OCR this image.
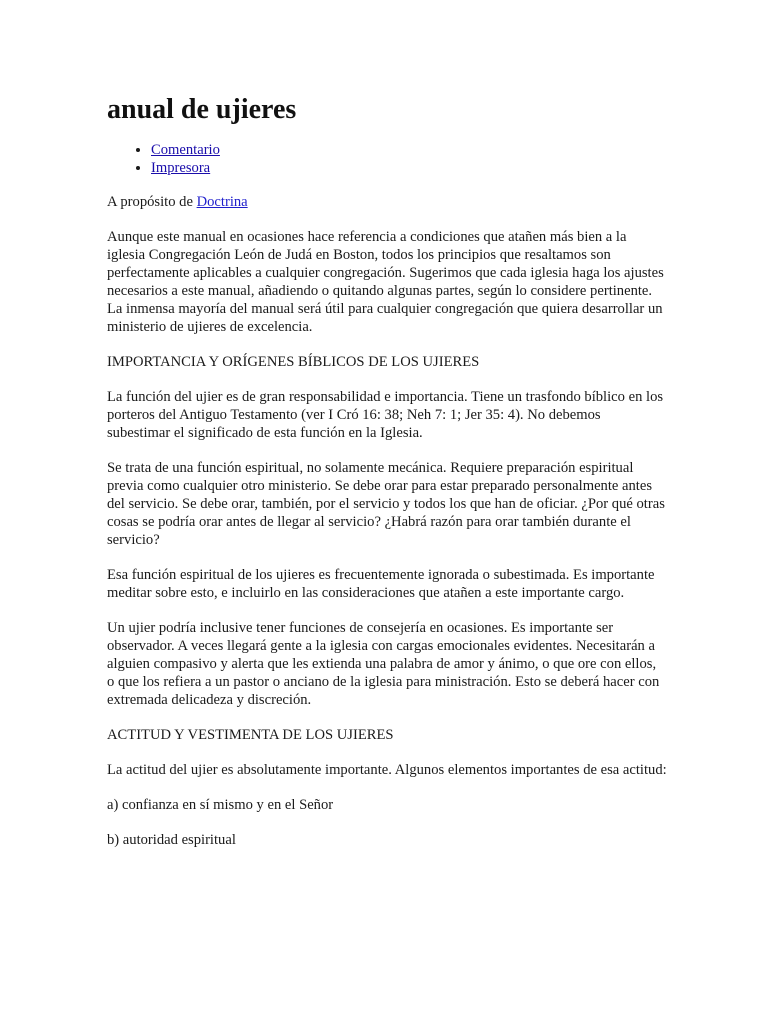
anual de ujieres
• Comentario
• Impresora

A propósito de Doctrina

Aunque este manual en ocasiones hace referencia a condiciones que atañen más bien a la iglesia Congregación León de Judá en Boston, todos los principios que resaltamos son perfectamente aplicables a cualquier congregación. Sugerimos que cada iglesia haga los ajustes necesarios a este manual, añadiendo o quitando algunas partes, según lo considere pertinente. La inmensa mayoría del manual será útil para cualquier congregación que quiera desarrollar un ministerio de ujieres de excelencia.

IMPORTANCIA Y ORÍGENES BÍBLICOS DE LOS UJIERES

La función del ujier es de gran responsabilidad e importancia. Tiene un trasfondo bíblico en los porteros del Antiguo Testamento (ver I Cró 16: 38; Neh 7: 1; Jer 35: 4). No debemos subestimar el significado de esta función en la Iglesia.

Se trata de una función espiritual, no solamente mecánica. Requiere preparación espiritual previa como cualquier otro ministerio. Se debe orar para estar preparado personalmente antes del servicio. Se debe orar, también, por el servicio y todos los que han de oficiar. ¿Por qué otras cosas se podría orar antes de llegar al servicio? ¿Habrá razón para orar también durante el servicio?

Esa función espiritual de los ujieres es frecuentemente ignorada o subestimada. Es importante meditar sobre esto, e incluirlo en las consideraciones que atañen a este importante cargo.

Un ujier podría inclusive tener funciones de consejería en ocasiones. Es importante ser observador. A veces llegará gente a la iglesia con cargas emocionales evidentes. Necesitarán a alguien compasivo y alerta que les extienda una palabra de amor y ánimo, o que ore con ellos, o que los refiera a un pastor o anciano de la iglesia para ministración. Esto se deberá hacer con extremada delicadeza y discreción.

ACTITUD Y VESTIMENTA DE LOS UJIERES

La actitud del ujier es absolutamente importante. Algunos elementos importantes de esa actitud:

a) confianza en sí mismo y en el Señor

b) autoridad espiritual
